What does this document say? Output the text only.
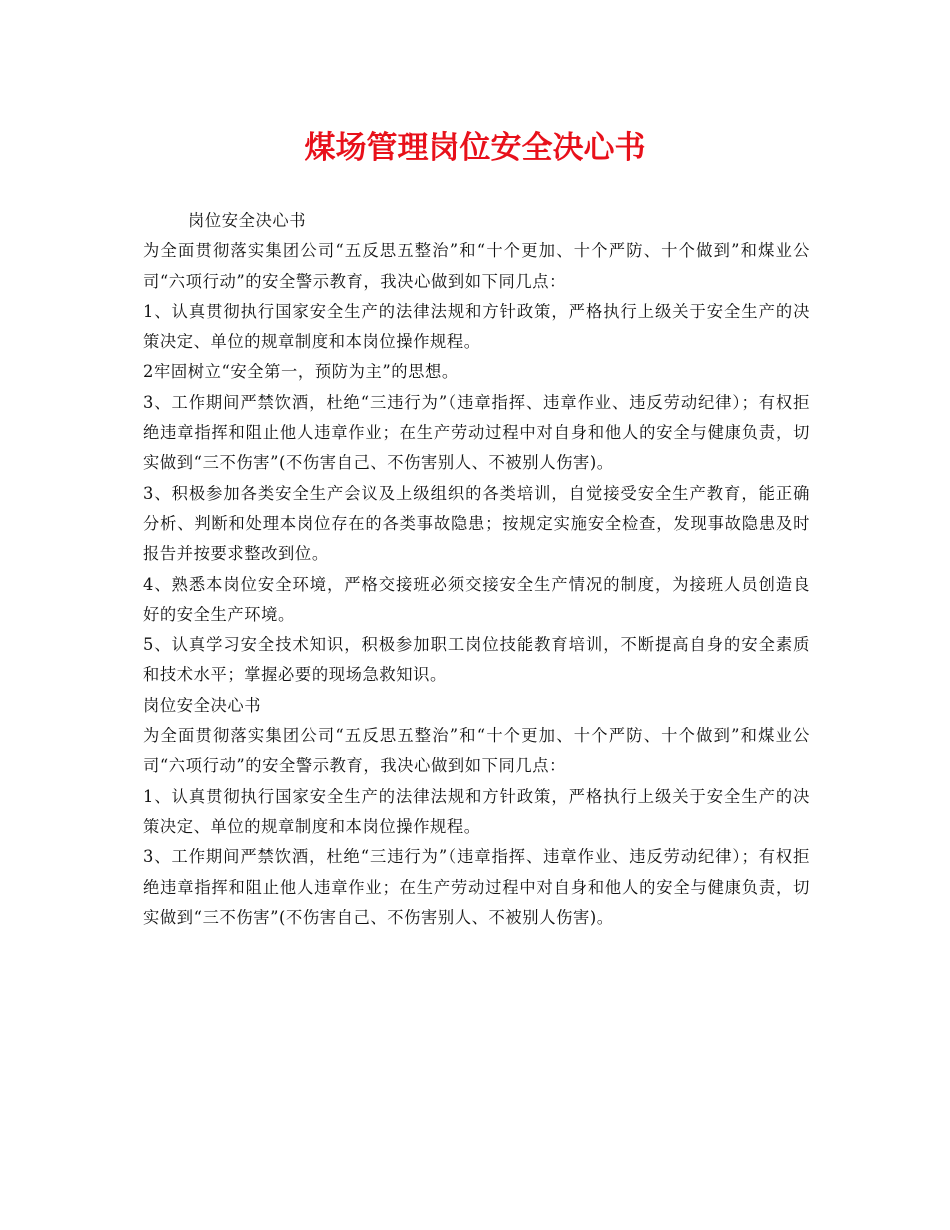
煤场管理岗位安全决心书

岗位安全决心书

为全面贯彻落实集团公司“五反思五整治”和“十个更加、十个严防、十个做到”和煤业公司“六项行动”的安全警示教育，我决心做到如下同几点：

1、认真贯彻执行国家安全生产的法律法规和方针政策，严格执行上级关于安全生产的决策决定、单位的规章制度和本岗位操作规程。

2牢固树立“安全第一，预防为主”的思想。

3、工作期间严禁饮酒，杜绝“三违行为”（违章指挥、违章作业、违反劳动纪律）；有权拒绝违章指挥和阻止他人违章作业；在生产劳动过程中对自身和他人的安全与健康负责，切实做到“三不伤害”(不伤害自己、不伤害别人、不被别人伤害)。

3、积极参加各类安全生产会议及上级组织的各类培训，自觉接受安全生产教育，能正确分析、判断和处理本岗位存在的各类事故隐患；按规定实施安全检查，发现事故隐患及时报告并按要求整改到位。

4、熟悉本岗位安全环境，严格交接班必须交接安全生产情况的制度，为接班人员创造良好的安全生产环境。

5、认真学习安全技术知识，积极参加职工岗位技能教育培训，不断提高自身的安全素质和技术水平；掌握必要的现场急救知识。

岗位安全决心书

为全面贯彻落实集团公司“五反思五整治”和“十个更加、十个严防、十个做到”和煤业公司“六项行动”的安全警示教育，我决心做到如下同几点：

1、认真贯彻执行国家安全生产的法律法规和方针政策，严格执行上级关于安全生产的决策决定、单位的规章制度和本岗位操作规程。

3、工作期间严禁饮酒，杜绝“三违行为”（违章指挥、违章作业、违反劳动纪律）；有权拒绝违章指挥和阻止他人违章作业；在生产劳动过程中对自身和他人的安全与健康负责，切实做到“三不伤害”(不伤害自己、不伤害别人、不被别人伤害)。
